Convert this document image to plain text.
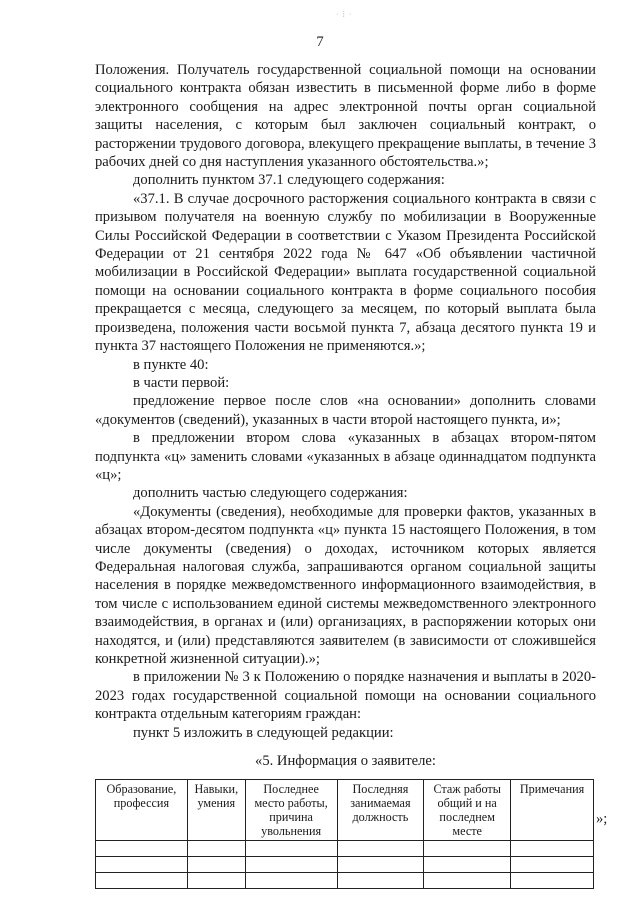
· ⁞ ·
7

Положения. Получатель государственной социальной помощи на основании социального контракта обязан известить в письменной форме либо в форме электронного сообщения на адрес электронной почты орган социальной защиты населения, с которым был заключен социальный контракт, о расторжении трудового договора, влекущего прекращение выплаты, в течение 3 рабочих дней со дня наступления указанного обстоятельства.»;

дополнить пунктом 37.1 следующего содержания:

«37.1. В случае досрочного расторжения социального контракта в связи с призывом получателя на военную службу по мобилизации в Вооруженные Силы Российской Федерации в соответствии с Указом Президента Российской Федерации от 21 сентября 2022 года № 647 «Об объявлении частичной мобилизации в Российской Федерации» выплата государственной социальной помощи на основании социального контракта в форме социального пособия прекращается с месяца, следующего за месяцем, по который выплата была произведена, положения части восьмой пункта 7, абзаца десятого пункта 19 и пункта 37 настоящего Положения не применяются.»;

в пункте 40:

в части первой:

предложение первое после слов «на основании» дополнить словами «документов (сведений), указанных в части второй настоящего пункта, и»;

в предложении втором слова «указанных в абзацах втором-пятом подпункта «ц» заменить словами «указанных в абзаце одиннадцатом подпункта «ц»;

дополнить частью следующего содержания:

«Документы (сведения), необходимые для проверки фактов, указанных в абзацах втором-десятом подпункта «ц» пункта 15 настоящего Положения, в том числе документы (сведения) о доходах, источником которых является Федеральная налоговая служба, запрашиваются органом социальной защиты населения в порядке межведомственного информационного взаимодействия, в том числе с использованием единой системы межведомственного электронного взаимодействия, в органах и (или) организациях, в распоряжении которых они находятся, и (или) представляются заявителем (в зависимости от сложившейся конкретной жизненной ситуации).»;

в приложении № 3 к Положению о порядке назначения и выплаты в 2020-2023 годах государственной социальной помощи на основании социального контракта отдельным категориям граждан:

пункт 5 изложить в следующей редакции:

«5. Информация о заявителе:

Образование, профессия	Навыки, умения	Последнее место работы, причина увольнения	Последняя занимаемая должность	Стаж работы общий и на последнем месте	Примечания

»;
